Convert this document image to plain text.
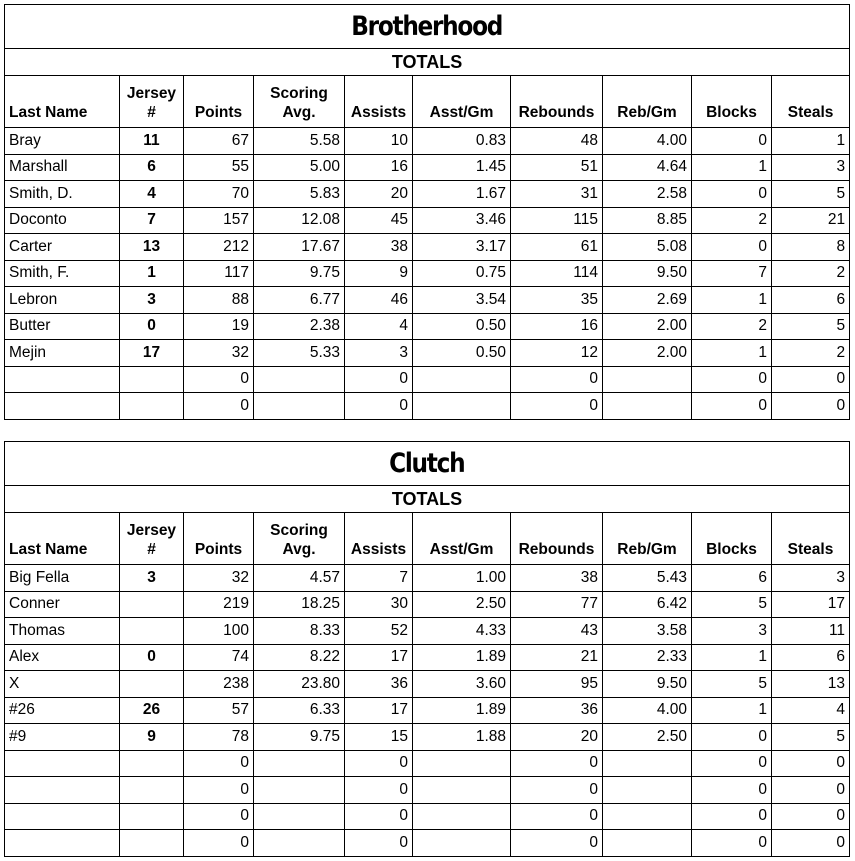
Brotherhood									
TOTALS									
Last Name	Jersey #	Points	Scoring Avg.	Assists	Asst/Gm	Rebounds	Reb/Gm	Blocks	Steals
Bray	11	67	5.58	10	0.83	48	4.00	0	1
Marshall	6	55	5.00	16	1.45	51	4.64	1	3
Smith, D.	4	70	5.83	20	1.67	31	2.58	0	5
Doconto	7	157	12.08	45	3.46	115	8.85	2	21
Carter	13	212	17.67	38	3.17	61	5.08	0	8
Smith, F.	1	117	9.75	9	0.75	114	9.50	7	2
Lebron	3	88	6.77	46	3.54	35	2.69	1	6
Butter	0	19	2.38	4	0.50	16	2.00	2	5
Mejin	17	32	5.33	3	0.50	12	2.00	1	2
		0		0		0		0	0
		0		0		0		0	0
Clutch									
TOTALS									
Last Name	Jersey #	Points	Scoring Avg.	Assists	Asst/Gm	Rebounds	Reb/Gm	Blocks	Steals
Big Fella	3	32	4.57	7	1.00	38	5.43	6	3
Conner		219	18.25	30	2.50	77	6.42	5	17
Thomas		100	8.33	52	4.33	43	3.58	3	11
Alex	0	74	8.22	17	1.89	21	2.33	1	6
X		238	23.80	36	3.60	95	9.50	5	13
#26	26	57	6.33	17	1.89	36	4.00	1	4
#9	9	78	9.75	15	1.88	20	2.50	0	5
		0		0		0		0	0
		0		0		0		0	0
		0		0		0		0	0
		0		0		0		0	0
